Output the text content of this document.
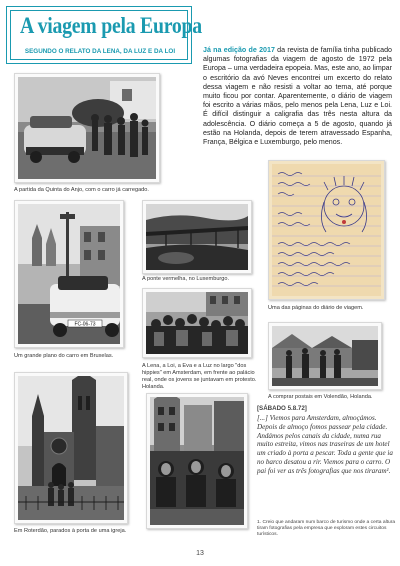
A viagem pela Europa
SEGUNDO O RELATO DA LENA, DA LUZ E DA LOI	Já na edição de 2017 da revista de família tinha publicado algumas fotografias da viagem de agosto de 1972 pela Europa – uma verdadeira epopeia. Mas, este ano, ao limpar o escritório da avó Neves encontrei um excerto do relato dessa viagem e não resisti a voltar ao tema, até porque muito ficou por contar. Aparentemente, o diário de viagem foi escrito a várias mãos, pelo menos pela Lena, Luz e Loi. É difícil distinguir a caligrafia das três nesta altura da adolescência. O diário começa a 5 de agosto, quando já estão na Holanda, depois de terem atravessado Espanha, França, Bélgica e Luxemburgo, pelo menos.
A partida da Quinta do Anjo, com o carro já carregado.
FC-06-73
Um grande plano do carro em Bruxelas.
A ponte vermelha, no Luxemburgo.
A Lena, a Loi, a Eva e a Luz no largo "dos hippies" em Amsterdam, em frente ao palácio real, onde os jovens se juntavam em protesto. Holanda.
Uma das páginas do diário de viagem.
Em Roterdão, parados à porta de uma igreja.
A comprar postais em Volendão, Holanda.
[SÁBADO 5.8.72]
[...] Viemos para Amsterdam, almoçámos. Depois de almoço fomos passear pela cidade. Andámos pelos canais da cidade, numa rua muito estreita, vimos nas traseiras de um hotel um criado à porta a pescar. Toda a gente que ia no barco desatou a rir. Viemos para o carro. O pai foi ver as três fotografias que nos tiraram¹.
1. Creio que andaram num barco de turismo onde a certa altura tiram fotografias pela empresa que exploram estes circuitos turísticos.
13
